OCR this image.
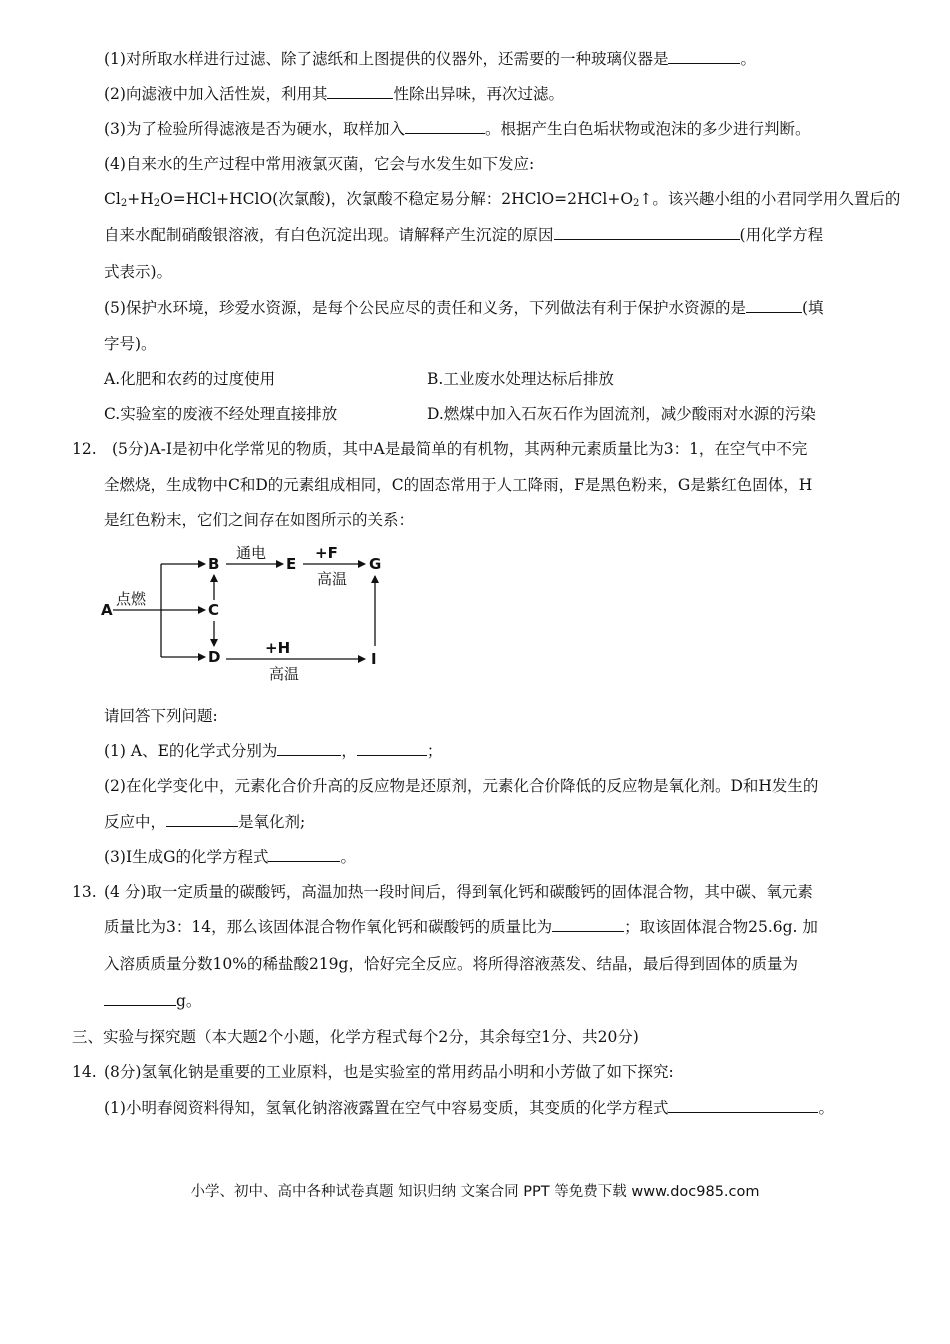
(1)对所取水样进行过滤、除了滤纸和上图提供的仪器外，还需要的一种玻璃仪器是	。
(2)向滤液中加入活性炭，利用其	性除出异味，再次过滤。
(3)为了检验所得滤液是否为硬水，取样加入	。根据产生白色垢状物或泡沫的多少进行判断。
(4)自来水的生产过程中常用液氯灭菌，它会与水发生如下发应:
$Cl_2+H_2O=HCl+HClO$(次氯酸)，次氯酸不稳定易分解：$2HClO=2HCl+O_2↑$。该兴趣小组的小君同学用久置后的
自来水配制硝酸银溶液，有白色沉淀出现。请解释产生沉淀的原因	(用化学方程
式表示)。
(5)保护水环境，珍爱水资源，是每个公民应尽的责任和义务，下列做法有利于保护水资源的是	(填
字号)。
A.化肥和农药的过度使用	B.工业废水处理达标后排放
C.实验室的废液不经处理直接排放	D.燃煤中加入石灰石作为固流剂，减少酸雨对水源的污染
12. (5分)A-I是初中化学常见的物质，其中A是最简单的有机物，其两种元素质量比为3：1，在空气中不完
全燃烧，生成物中C和D的元素组成相同，C的固态常用于人工降雨，F是黑色粉来，G是紫红色固体，H
是红色粉末，它们之间存在如图所示的关系：
A
点燃
B
C
D
通电
E
+F
高温
G
+H
高温
I
请回答下列问题:
(1) A、E的化学式分别为	，	；
(2)在化学变化中，元素化合价升高的反应物是还原剂，元素化合价降低的反应物是氧化剂。D和H发生的
反应中，	是氧化剂;
(3)I生成G的化学方程式	。
13. (4 分)取一定质量的碳酸钙，高温加热一段时间后，得到氧化钙和碳酸钙的固体混合物，其中碳、氧元素
质量比为3：14，那么该固体混合物作氧化钙和碳酸钙的质量比为	；取该固体混合物25.6g. 加
入溶质质量分数10%的稀盐酸219g，恰好完全反应。将所得溶液蒸发、结晶，最后得到固体的质量为
g。
三、实验与探究题（本大题2个小题，化学方程式每个2分，其余每空1分、共20分)
14. (8分)氢氧化钠是重要的工业原料，也是实验室的常用药品小明和小芳做了如下探究:
(1)小明春阅资料得知，氢氧化钠溶液露置在空气中容易变质，其变质的化学方程式	。
小学、初中、高中各种试卷真题 知识归纳 文案合同 PPT 等免费下载 www.doc985.com
